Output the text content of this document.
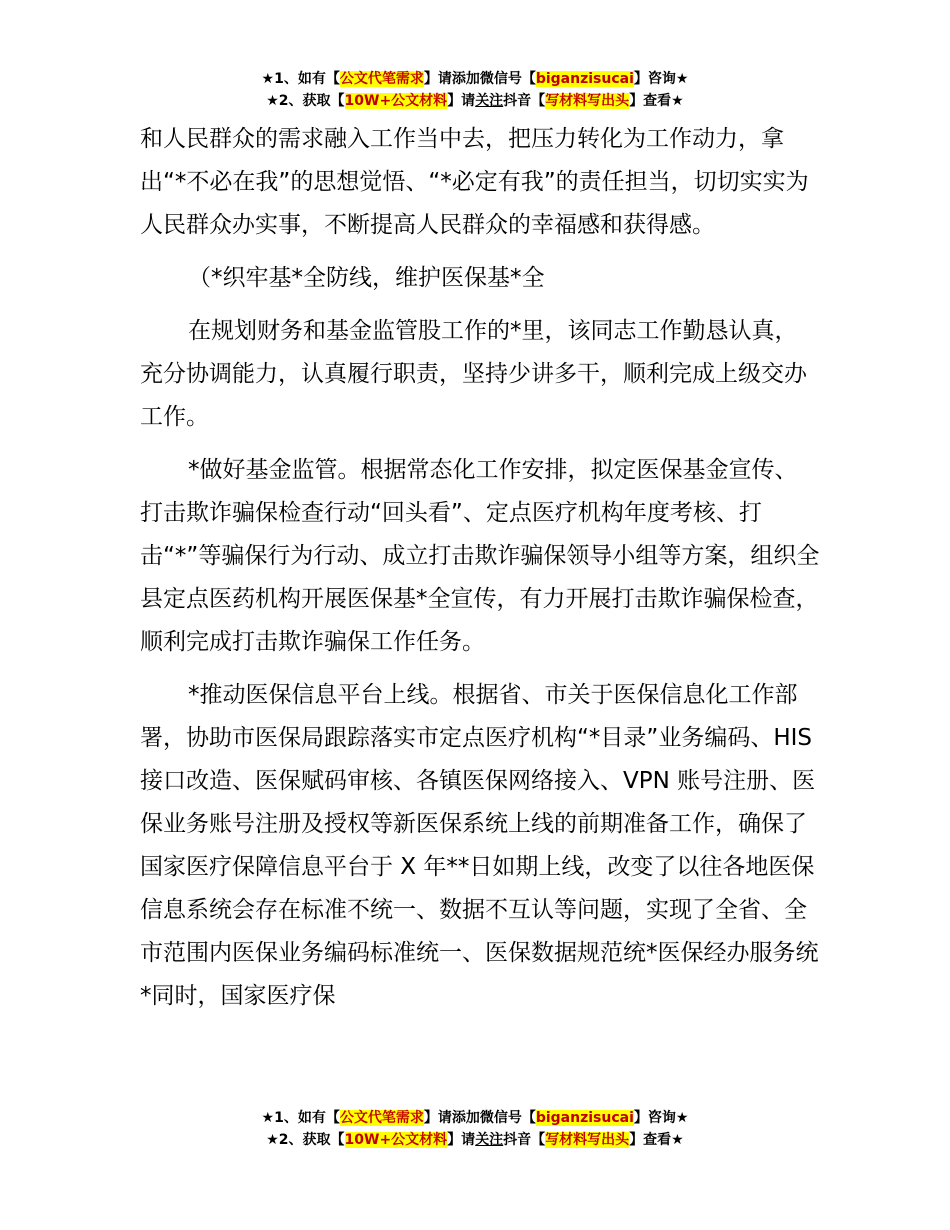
★1、如有【公文代笔需求】请添加微信号【biganzisucai】咨询★
★2、获取【10W+公文材料】请关注抖音【写材料写出头】查看★

和人民群众的需求融入工作当中去，把压力转化为工作动力，拿出“*不必在我”的思想觉悟、“*必定有我”的责任担当，切切实实为人民群众办实事，不断提高人民群众的幸福感和获得感。

（*织牢基*全防线，维护医保基*全

在规划财务和基金监管股工作的*里，该同志工作勤恳认真，充分协调能力，认真履行职责，坚持少讲多干，顺利完成上级交办工作。

*做好基金监管。根据常态化工作安排，拟定医保基金宣传、打击欺诈骗保检查行动“回头看”、定点医疗机构年度考核、打击“*”等骗保行为行动、成立打击欺诈骗保领导小组等方案，组织全县定点医药机构开展医保基*全宣传，有力开展打击欺诈骗保检查，顺利完成打击欺诈骗保工作任务。

*推动医保信息平台上线。根据省、市关于医保信息化工作部署，协助市医保局跟踪落实市定点医疗机构“*目录”业务编码、HIS 接口改造、医保赋码审核、各镇医保网络接入、VPN 账号注册、医保业务账号注册及授权等新医保系统上线的前期准备工作，确保了国家医疗保障信息平台于 X 年**日如期上线，改变了以往各地医保信息系统会存在标准不统一、数据不互认等问题，实现了全省、全市范围内医保业务编码标准统一、医保数据规范统*医保经办服务统*同时，国家医疗保

★1、如有【公文代笔需求】请添加微信号【biganzisucai】咨询★
★2、获取【10W+公文材料】请关注抖音【写材料写出头】查看★
